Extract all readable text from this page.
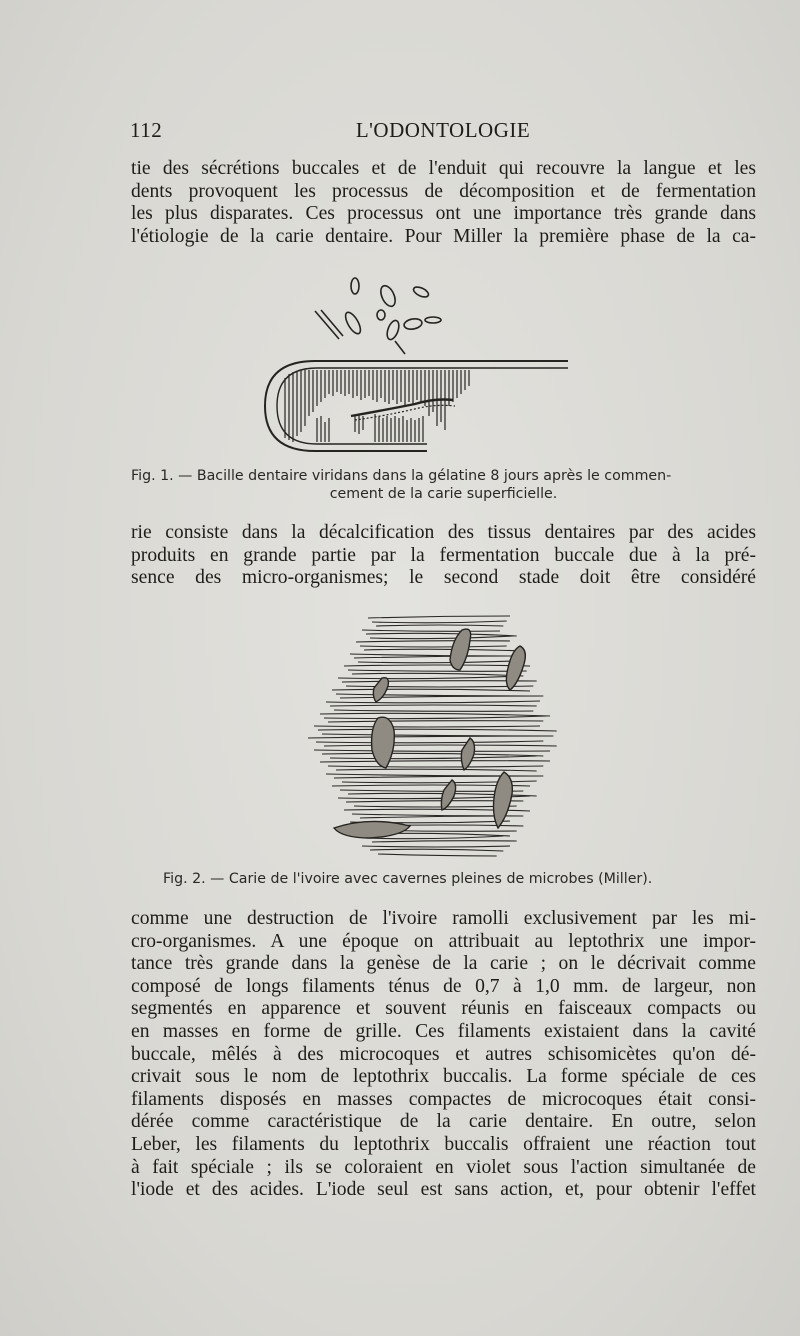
112	L'ODONTOLOGIE
tie des sécrétions buccales et de l'enduit qui recouvre la langue et les
dents provoquent les processus de décomposition et de fermentation
les plus disparates. Ces processus ont une importance très grande dans
l'étiologie de la carie dentaire. Pour Miller la première phase de la ca-
Fig. 1. — Bacille dentaire viridans dans la gélatine 8 jours après le commen-
cement de la carie superficielle.
rie consiste dans la décalcification des tissus dentaires par des acides
produits en grande partie par la fermentation buccale due à la pré-
sence des micro-organismes; le second stade doit être considéré
Fig. 2. — Carie de l'ivoire avec cavernes pleines de microbes (Miller).
comme une destruction de l'ivoire ramolli exclusivement par les mi-
cro-organismes. A une époque on attribuait au leptothrix une impor-
tance très grande dans la genèse de la carie ; on le décrivait comme
composé de longs filaments ténus de 0,7 à 1,0 mm. de largeur, non
segmentés en apparence et souvent réunis en faisceaux compacts ou
en masses en forme de grille. Ces filaments existaient dans la cavité
buccale, mêlés à des microcoques et autres schisomicètes qu'on dé-
crivait sous le nom de leptothrix buccalis. La forme spéciale de ces
filaments disposés en masses compactes de microcoques était consi-
dérée comme caractéristique de la carie dentaire. En outre, selon
Leber, les filaments du leptothrix buccalis offraient une réaction tout
à fait spéciale ; ils se coloraient en violet sous l'action simultanée de
l'iode et des acides. L'iode seul est sans action, et, pour obtenir l'effet
